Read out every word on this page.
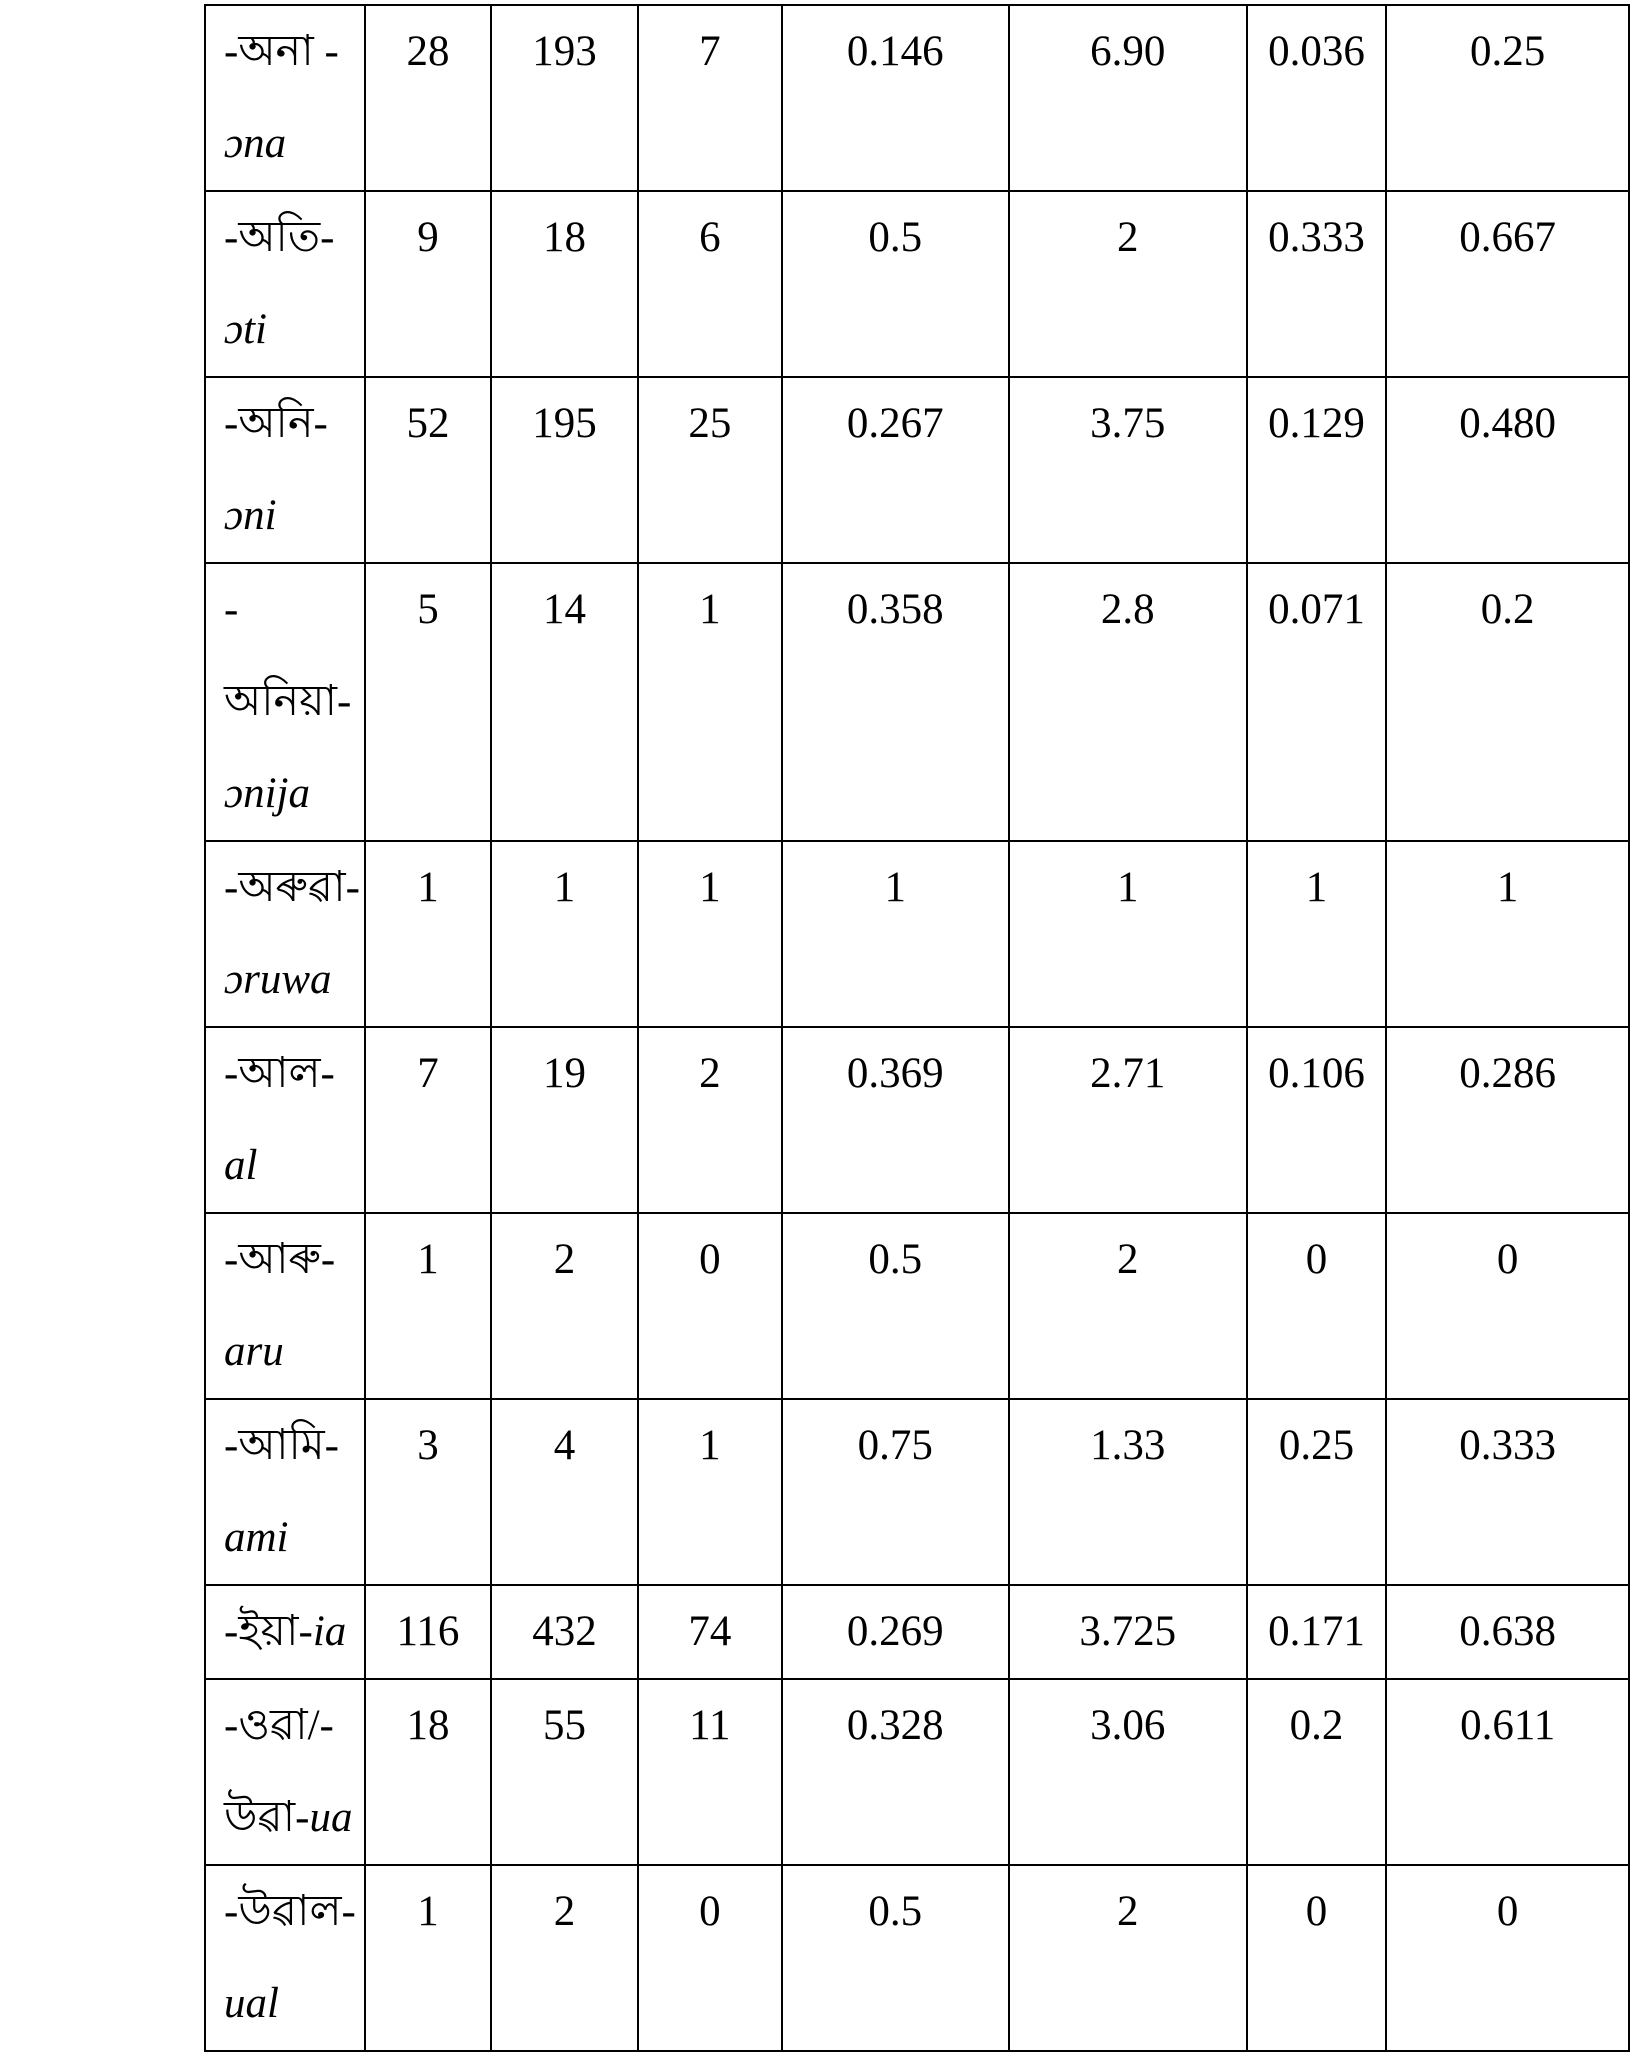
-অনা -
ɔna	28	193	7	0.146	6.90	0.036	0.25

-অতি-
ɔti	9	18	6	0.5	2	0.333	0.667

-অনি-
ɔni	52	195	25	0.267	3.75	0.129	0.480

-
অনিয়া-
ɔnija	5	14	1	0.358	2.8	0.071	0.2

-অৰুৱা-
ɔruwa	1	1	1	1	1	1	1

-আল-al	7	19	2	0.369	2.71	0.106	0.286

-আৰু-
aru	1	2	0	0.5	2	0	0

-আমি-
ami	3	4	1	0.75	1.33	0.25	0.333

-ইয়া-ia	116	432	74	0.269	3.725	0.171	0.638

-ওৱা/-
উৱা-ua	18	55	11	0.328	3.06	0.2	0.611

-উৱাল-
ual	1	2	0	0.5	2	0	0
